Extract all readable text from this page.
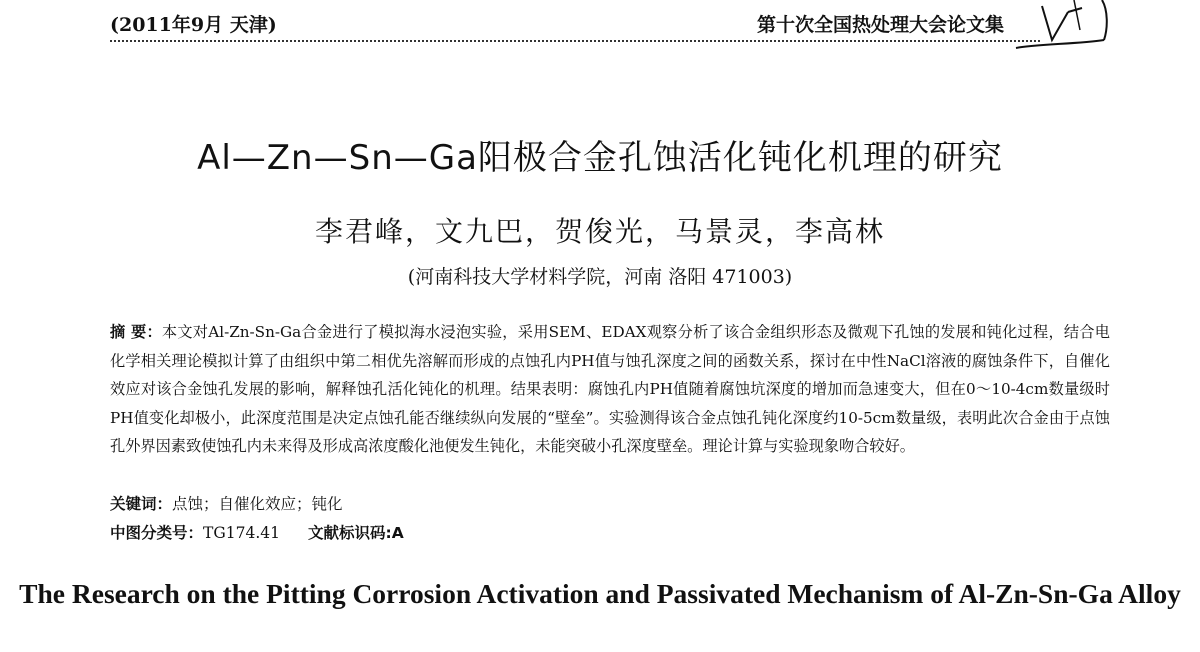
(2011年9月 天津)	第十次全国热处理大会论文集
Al—Zn—Sn—Ga阳极合金孔蚀活化钝化机理的研究
李君峰，文九巴，贺俊光，马景灵，李高林
(河南科技大学材料学院，河南 洛阳 471003)
摘 要：本文对Al-Zn-Sn-Ga合金进行了模拟海水浸泡实验，采用SEM、EDAX观察分析了该合金组织形态及微观下孔蚀的发展和钝化过程，结合电化学相关理论模拟计算了由组织中第二相优先溶解而形成的点蚀孔内PH值与蚀孔深度之间的函数关系，探讨在中性NaCl溶液的腐蚀条件下，自催化效应对该合金蚀孔发展的影响，解释蚀孔活化钝化的机理。结果表明：腐蚀孔内PH值随着腐蚀坑深度的增加而急速变大，但在0～10-4cm数量级时PH值变化却极小，此深度范围是决定点蚀孔能否继续纵向发展的“壁垒”。实验测得该合金点蚀孔钝化深度约10-5cm数量级，表明此次合金由于点蚀孔外界因素致使蚀孔内未来得及形成高浓度酸化池便发生钝化，未能突破小孔深度壁垒。理论计算与实验现象吻合较好。
关键词：点蚀；自催化效应；钝化
中图分类号：TG174.41 文献标识码:A
The Research on the Pitting Corrosion Activation and Passivated Mechanism of Al-Zn-Sn-Ga Alloy
